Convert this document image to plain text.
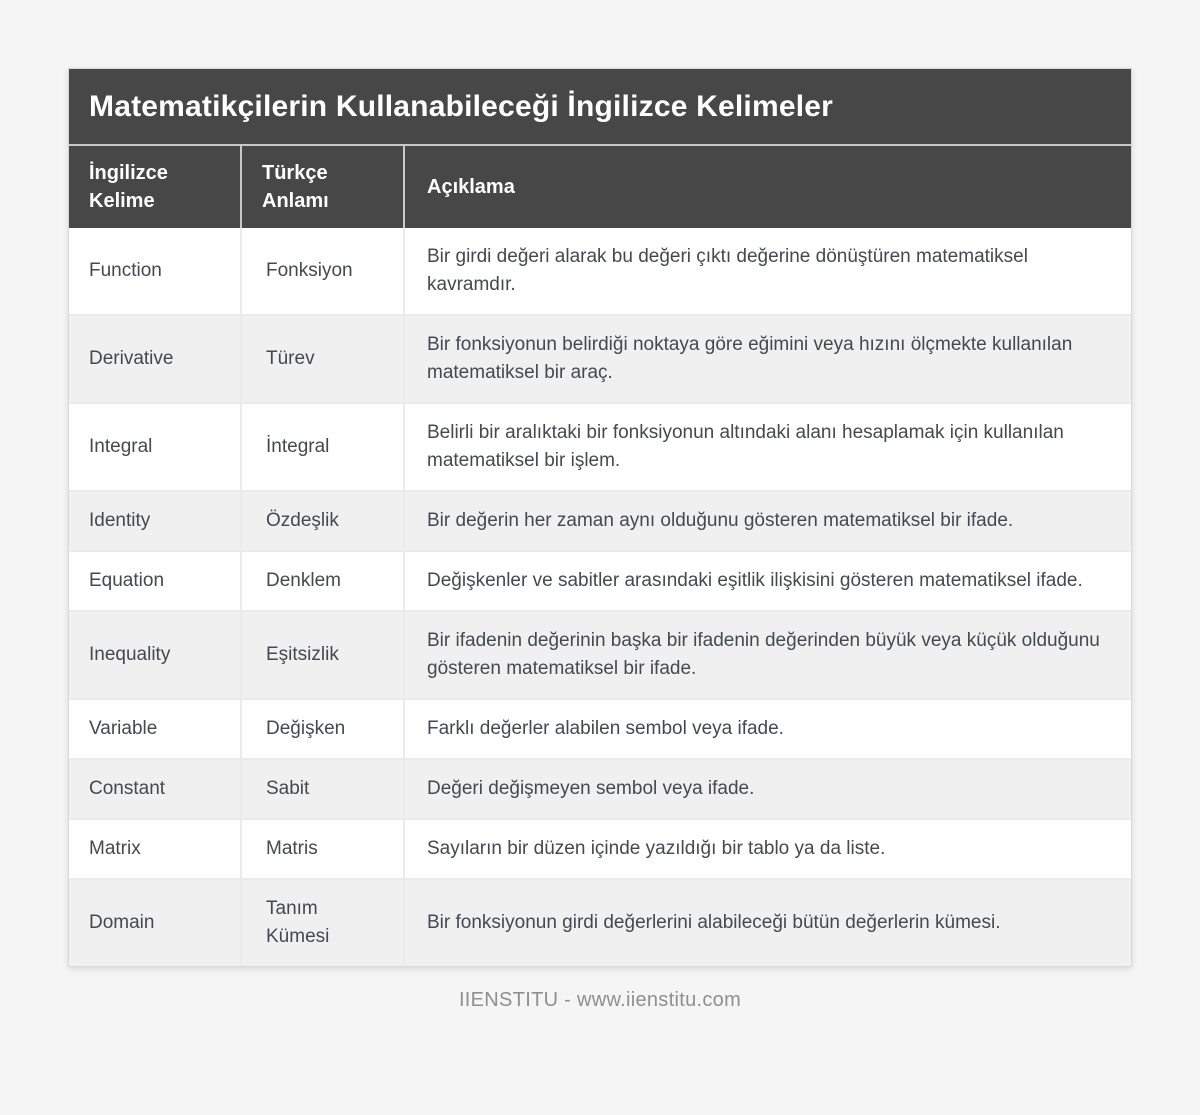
Matematikçilerin Kullanabileceği İngilizce Kelimeler
İngilizce Kelime	Türkçe Anlamı	Açıklama
Function	Fonksiyon	Bir girdi değeri alarak bu değeri çıktı değerine dönüştüren matematiksel kavramdır.
Derivative	Türev	Bir fonksiyonun belirdiği noktaya göre eğimini veya hızını ölçmekte kullanılan matematiksel bir araç.
Integral	İntegral	Belirli bir aralıktaki bir fonksiyonun altındaki alanı hesaplamak için kullanılan matematiksel bir işlem.
Identity	Özdeşlik	Bir değerin her zaman aynı olduğunu gösteren matematiksel bir ifade.
Equation	Denklem	Değişkenler ve sabitler arasındaki eşitlik ilişkisini gösteren matematiksel ifade.
Inequality	Eşitsizlik	Bir ifadenin değerinin başka bir ifadenin değerinden büyük veya küçük olduğunu gösteren matematiksel bir ifade.
Variable	Değişken	Farklı değerler alabilen sembol veya ifade.
Constant	Sabit	Değeri değişmeyen sembol veya ifade.
Matrix	Matris	Sayıların bir düzen içinde yazıldığı bir tablo ya da liste.
Domain	Tanım Kümesi	Bir fonksiyonun girdi değerlerini alabileceği bütün değerlerin kümesi.
IIENSTITU - www.iienstitu.com
